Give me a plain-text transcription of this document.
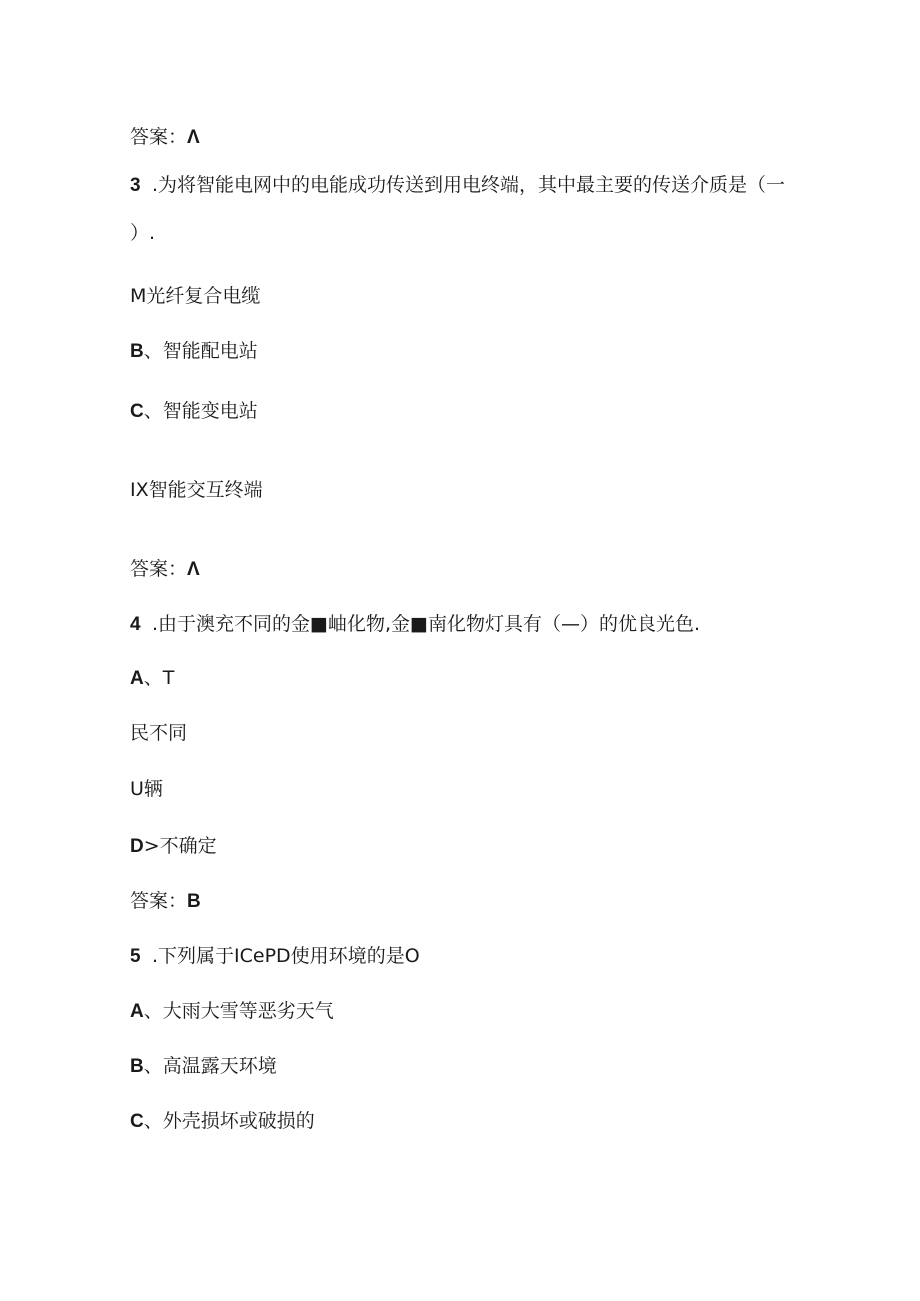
答案：Λ
3 .为将智能电网中的电能成功传送到用电终端，其中最主要的传送介质是（一
）.
M光纤复合电缆
B、智能配电站
C、智能变电站
IX智能交互终端
答案：Λ
4 .由于澳充不同的金■岫化物,金■南化物灯具有（—）的优良光色.
A、T
民不同
U辆
D>不确定
答案：B
5 .下列属于ICePD使用环境的是O
A、大雨大雪等恶劣天气
B、高温露天环境
C、外壳损坏或破损的
